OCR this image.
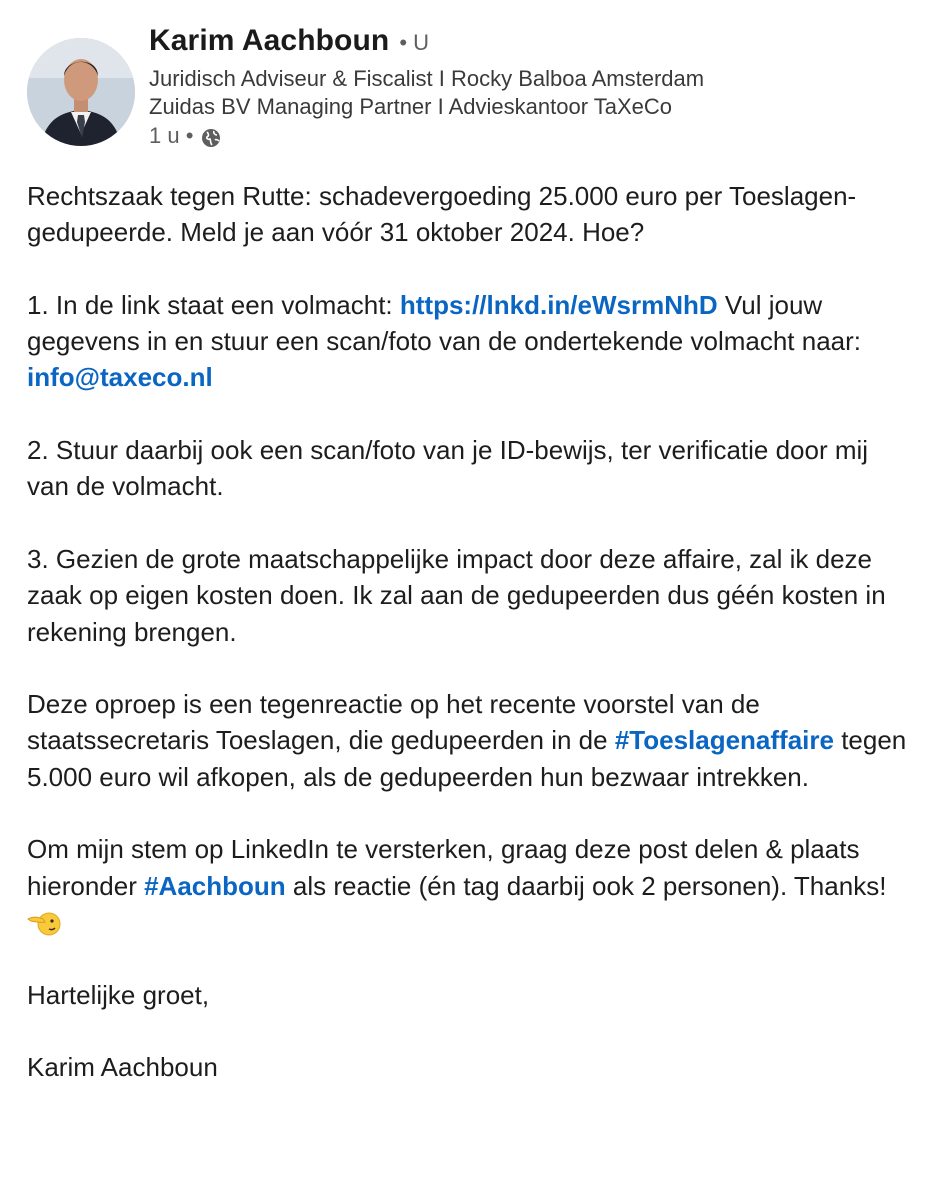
Karim Aachboun • U
Juridisch Adviseur & Fiscalist I Rocky Balboa Amsterdam
Zuidas BV Managing Partner I Advieskantoor TaXeCo
1 u •

Rechtszaak tegen Rutte: schadevergoeding 25.000 euro per Toeslagen-gedupeerde. Meld je aan vóór 31 oktober 2024. Hoe?

1. In de link staat een volmacht: https://lnkd.in/eWsrmNhD Vul jouw gegevens in en stuur een scan/foto van de ondertekende volmacht naar: info@taxeco.nl

2. Stuur daarbij ook een scan/foto van je ID-bewijs, ter verificatie door mij van de volmacht.

3. Gezien de grote maatschappelijke impact door deze affaire, zal ik deze zaak op eigen kosten doen. Ik zal aan de gedupeerden dus géén kosten in rekening brengen.

Deze oproep is een tegenreactie op het recente voorstel van de staatssecretaris Toeslagen, die gedupeerden in de #Toeslagenaffaire tegen 5.000 euro wil afkopen, als de gedupeerden hun bezwaar intrekken.

Om mijn stem op LinkedIn te versterken, graag deze post delen & plaats hieronder #Aachboun als reactie (én tag daarbij ook 2 personen). Thanks!

Hartelijke groet,

Karim Aachboun
